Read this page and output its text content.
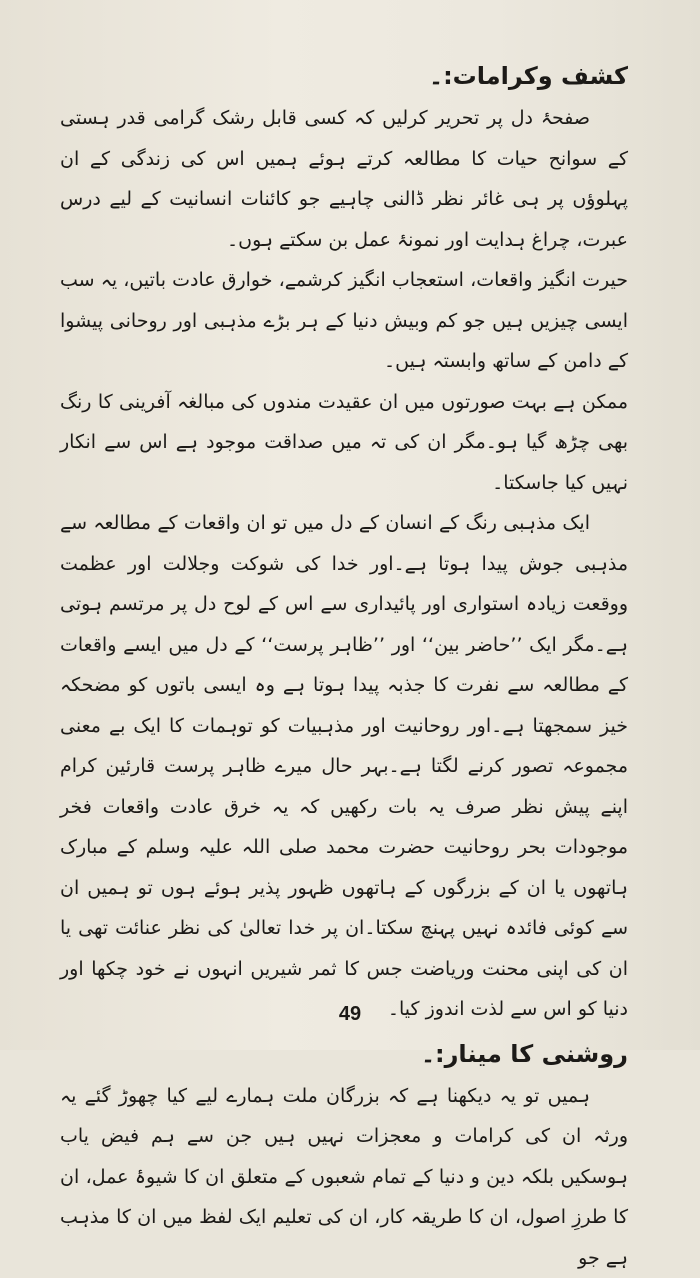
کشف وکرامات:۔

صفحۂ دل پر تحریر کرلیں کہ کسی قابل رشک گرامی قدر ہستی کے سوانح حیات کا مطالعہ کرتے ہوئے ہمیں اس کی زندگی کے ان پہلوؤں پر ہی غائر نظر ڈالنی چاہیے جو کائنات انسانیت کے لیے درس عبرت، چراغ ہدایت اور نمونۂ عمل بن سکتے ہوں۔

حیرت انگیز واقعات، استعجاب انگیز کرشمے، خوارق عادت باتیں، یہ سب ایسی چیزیں ہیں جو کم وبیش دنیا کے ہر بڑے مذہبی اور روحانی پیشوا کے دامن کے ساتھ وابستہ ہیں۔

ممکن ہے بہت صورتوں میں ان عقیدت مندوں کی مبالغہ آفرینی کا رنگ بھی چڑھ گیا ہو۔مگر ان کی تہ میں صداقت موجود ہے اس سے انکار نہیں کیا جاسکتا۔

ایک مذہبی رنگ کے انسان کے دل میں تو ان واقعات کے مطالعہ سے مذہبی جوش پیدا ہوتا ہے۔اور خدا کی شوکت وجلالت اور عظمت ووقعت زیادہ استواری اور پائیداری سے اس کے لوح دل پر مرتسم ہوتی ہے۔مگر ایک ’’حاضر بین‘‘ اور ’’ظاہر پرست‘‘ کے دل میں ایسے واقعات کے مطالعہ سے نفرت کا جذبہ پیدا ہوتا ہے وہ ایسی باتوں کو مضحکہ خیز سمجھتا ہے۔اور روحانیت اور مذہبیات کو توہمات کا ایک بے معنی مجموعہ تصور کرنے لگتا ہے۔بہر حال میرے ظاہر پرست قارئین کرام اپنے پیش نظر صرف یہ بات رکھیں کہ یہ خرق عادت واقعات فخر موجودات بحر روحانیت حضرت محمد صلی اللہ علیہ وسلم کے مبارک ہاتھوں یا ان کے بزرگوں کے ہاتھوں ظہور پذیر ہوئے ہوں تو ہمیں ان سے کوئی فائدہ نہیں پہنچ سکتا۔ان پر خدا تعالیٰ کی نظر عنائت تھی یا ان کی اپنی محنت وریاضت جس کا ثمر شیریں انہوں نے خود چکھا اور دنیا کو اس سے لذت اندوز کیا۔

روشنی کا مینار:۔

ہمیں تو یہ دیکھنا ہے کہ بزرگان ملت ہمارے لیے کیا چھوڑ گئے یہ ورثہ ان کی کرامات و معجزات نہیں ہیں جن سے ہم فیض یاب ہوسکیں بلکہ دین و دنیا کے تمام شعبوں کے متعلق ان کا شیوۂ عمل، ان کا طرزِ اصول، ان کا طریقہ کار، ان کی تعلیم ایک لفظ میں ان کا مذہب ہے جو

49
